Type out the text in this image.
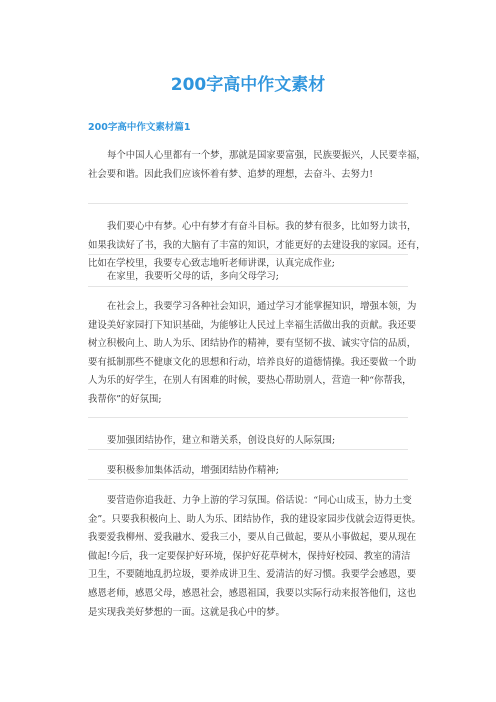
200字高中作文素材
200字高中作文素材篇1
每个中国人心里都有一个梦，那就是国家要富强，民族要振兴，人民要幸福，
社会要和谐。因此我们应该怀着有梦、追梦的理想，去奋斗、去努力!
我们要心中有梦。心中有梦才有奋斗目标。我的梦有很多，比如努力读书，
如果我读好了书，我的大脑有了丰富的知识，才能更好的去建设我的家园。还有，
比如在学校里，我要专心致志地听老师讲课，认真完成作业;
在家里，我要听父母的话，多向父母学习;
在社会上，我要学习各种社会知识，通过学习才能掌握知识，增强本领，为
建设美好家园打下知识基础，为能够让人民过上幸福生活做出我的贡献。我还要
树立积极向上、助人为乐、团结协作的精神，要有坚韧不拔、诚实守信的品质，
要有抵制那些不健康文化的思想和行动，培养良好的道德情操。我还要做一个助
人为乐的好学生，在别人有困难的时候，要热心帮助别人，营造一种“你帮我，
我帮你”的好氛围;
要加强团结协作，建立和谐关系，创设良好的人际氛围;
要积极参加集体活动，增强团结协作精神;
要营造你追我赶、力争上游的学习氛围。俗话说：“同心山成玉，协力土变
金”。只要我积极向上、助人为乐、团结协作，我的建设家园步伐就会迈得更快。
我要爱我柳州、爱我融水、爱我三小，要从自己做起，要从小事做起，要从现在
做起!今后，我一定要保护好环境，保护好花草树木，保持好校园、教室的清洁
卫生，不要随地乱扔垃圾，要养成讲卫生、爱清洁的好习惯。我要学会感恩，要
感恩老师，感恩父母，感恩社会，感恩祖国，我要以实际行动来报答他们，这也
是实现我美好梦想的一面。这就是我心中的梦。
